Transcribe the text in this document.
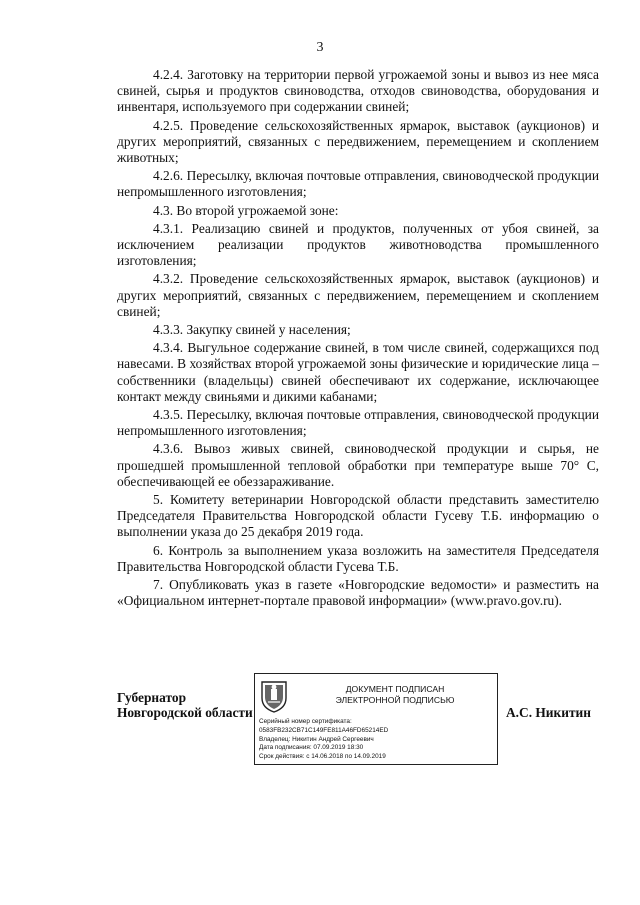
3

4.2.4. Заготовку на территории первой угрожаемой зоны и вывоз из нее мяса свиней, сырья и продуктов свиноводства, отходов свиноводства, оборудования и инвентаря, используемого при содержании свиней;

4.2.5. Проведение сельскохозяйственных ярмарок, выставок (аукционов) и других мероприятий, связанных с передвижением, перемещением и скоплением животных;

4.2.6. Пересылку, включая почтовые отправления, свиноводческой продукции непромышленного изготовления;

4.3. Во второй угрожаемой зоне:

4.3.1. Реализацию свиней и продуктов, полученных от убоя свиней, за исключением реализации продуктов животноводства промышленного изготовления;

4.3.2. Проведение сельскохозяйственных ярмарок, выставок (аукционов) и других мероприятий, связанных с передвижением, перемещением и скоплением свиней;

4.3.3. Закупку свиней у населения;

4.3.4. Выгульное содержание свиней, в том числе свиней, содержащихся под навесами. В хозяйствах второй угрожаемой зоны физические и юридические лица – собственники (владельцы) свиней обеспечивают их содержание, исключающее контакт между свиньями и дикими кабанами;

4.3.5. Пересылку, включая почтовые отправления, свиноводческой продукции непромышленного изготовления;

4.3.6. Вывоз живых свиней, свиноводческой продукции и сырья, не прошедшей промышленной тепловой обработки при температуре выше 70° С, обеспечивающей ее обеззараживание.

5. Комитету ветеринарии Новгородской области представить заместителю Председателя Правительства Новгородской области Гусеву Т.Б. информацию о выполнении указа до 25 декабря 2019 года.

6. Контроль за выполнением указа возложить на заместителя Председателя Правительства Новгородской области Гусева Т.Б.

7. Опубликовать указ в газете «Новгородские ведомости» и разместить на «Официальном интернет-портале правовой информации» (www.pravo.gov.ru).

Губернатор
Новгородской области
ДОКУМЕНТ ПОДПИСАН
ЭЛЕКТРОННОЙ ПОДПИСЬЮ
Серийный номер сертификата:
0583FB232CB71C149FE811A46FD65214ED
Владелец: Никитин Андрей Сергеевич
Дата подписания: 07.09.2019 18:30
Срок действия: с 14.06.2018 по 14.09.2019
А.С. Никитин
